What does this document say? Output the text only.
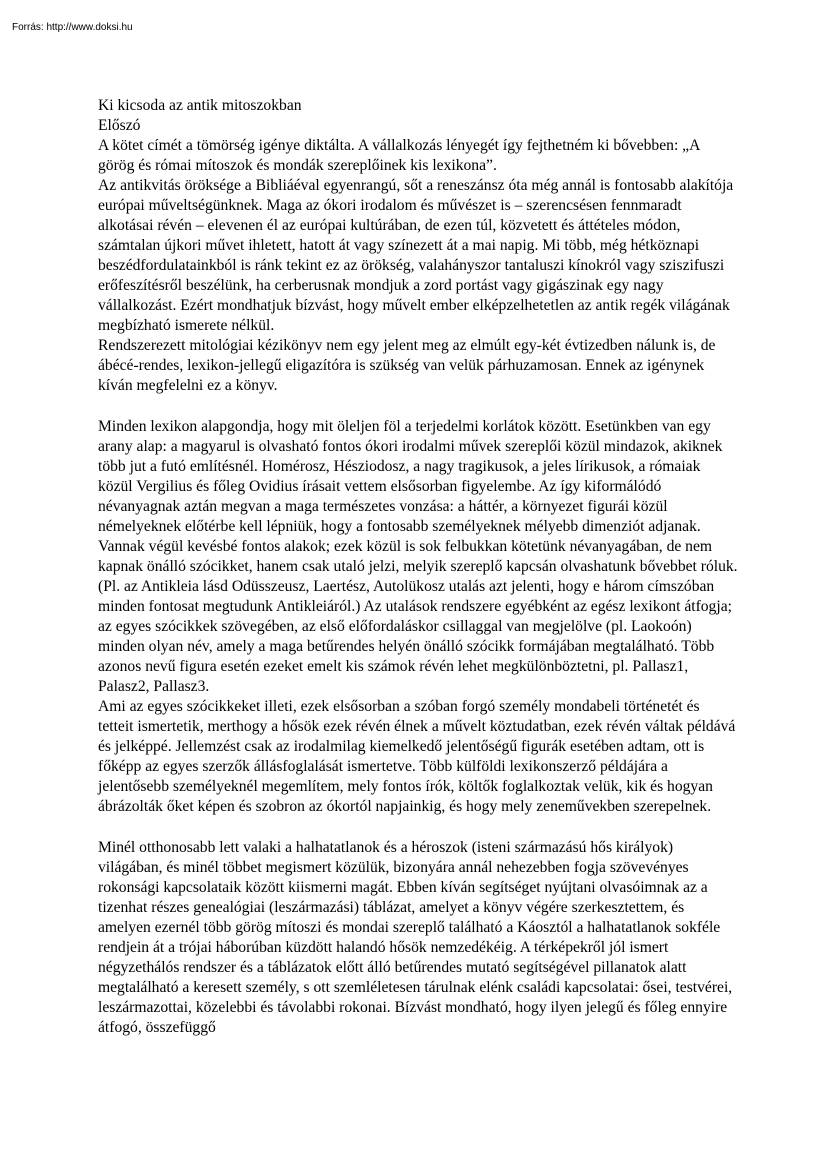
Forrás: http://www.doksi.hu

Ki kicsoda az antik mitoszokban

Előszó

A kötet címét a tömörség igénye diktálta. A vállalkozás lényegét így fejthetném ki bővebben: „A görög és római mítoszok és mondák szereplőinek kis lexikona”.

Az antikvitás öröksége a Bibliáéval egyenrangú, sőt a reneszánsz óta még annál is fontosabb alakítója európai műveltségünknek. Maga az ókori irodalom és művészet is – szerencsésen fennmaradt alkotásai révén – elevenen él az európai kultúrában, de ezen túl, közvetett és áttételes módon, számtalan újkori művet ihletett, hatott át vagy színezett át a mai napig. Mi több, még hétköznapi beszédfordulatainkból is ránk tekint ez az örökség, valahányszor tantaluszi kínokról vagy sziszifuszi erőfeszítésről beszélünk, ha cerberusnak mondjuk a zord portást vagy gigászinak egy nagy vállalkozást. Ezért mondhatjuk bízvást, hogy művelt ember elképzelhetetlen az antik regék világának megbízható ismerete nélkül.

Rendszerezett mitológiai kézikönyv nem egy jelent meg az elmúlt egy-két évtizedben nálunk is, de ábécé-rendes, lexikon-jellegű eligazítóra is szükség van velük párhuzamosan. Ennek az igénynek kíván megfelelni ez a könyv.

Minden lexikon alapgondja, hogy mit öleljen föl a terjedelmi korlátok között. Esetünkben van egy arany alap: a magyarul is olvasható fontos ókori irodalmi művek szereplői közül mindazok, akiknek több jut a futó említésnél. Homérosz, Hésziodosz, a nagy tragikusok, a jeles lírikusok, a rómaiak közül Vergilius és főleg Ovidius írásait vettem elsősorban figyelembe. Az így kiformálódó névanyagnak aztán megvan a maga természetes vonzása: a háttér, a környezet figurái közül némelyeknek előtérbe kell lépniük, hogy a fontosabb személyeknek mélyebb dimenziót adjanak. Vannak végül kevésbé fontos alakok; ezek közül is sok felbukkan kötetünk névanyagában, de nem kapnak önálló szócikket, hanem csak utaló jelzi, melyik szereplő kapcsán olvashatunk bővebbet róluk. (Pl. az Antikleia lásd Odüsszeusz, Laertész, Autolükosz utalás azt jelenti, hogy e három címszóban minden fontosat megtudunk Antikleiáról.) Az utalások rendszere egyébként az egész lexikont átfogja; az egyes szócikkek szövegében, az első előfordaláskor csillaggal van megjelölve (pl. Laokoón) minden olyan név, amely a maga betűrendes helyén önálló szócikk formájában megtalálható. Több azonos nevű figura esetén ezeket emelt kis számok révén lehet megkülönböztetni, pl. Pallasz1, Palasz2, Pallasz3.

Ami az egyes szócikkeket illeti, ezek elsősorban a szóban forgó személy mondabeli történetét és tetteit ismertetik, merthogy a hősök ezek révén élnek a művelt köztudatban, ezek révén váltak példává és jelképpé. Jellemzést csak az irodalmilag kiemelkedő jelentőségű figurák esetében adtam, ott is főképp az egyes szerzők állásfoglalását ismertetve. Több külföldi lexikonszerző példájára a jelentősebb személyeknél megemlítem, mely fontos írók, költők foglalkoztak velük, kik és hogyan ábrázolták őket képen és szobron az ókortól napjainkig, és hogy mely zeneművekben szerepelnek.

Minél otthonosabb lett valaki a halhatatlanok és a héroszok (isteni származású hős királyok) világában, és minél többet megismert közülük, bizonyára annál nehezebben fogja szövevényes rokonsági kapcsolataik között kiismerni magát. Ebben kíván segítséget nyújtani olvasóimnak az a tizenhat részes genealógiai (leszármazási) táblázat, amelyet a könyv végére szerkesztettem, és amelyen ezernél több görög mítoszi és mondai szereplő található a Káosztól a halhatatlanok sokféle rendjein át a trójai háborúban küzdött halandó hősök nemzedékéig. A térképekről jól ismert négyzethálós rendszer és a táblázatok előtt álló betűrendes mutató segítségével pillanatok alatt megtalálható a keresett személy, s ott szemléletesen tárulnak elénk családi kapcsolatai: ősei, testvérei, leszármazottai, közelebbi és távolabbi rokonai. Bízvást mondható, hogy ilyen jelegű és főleg ennyire átfogó, összefüggő
